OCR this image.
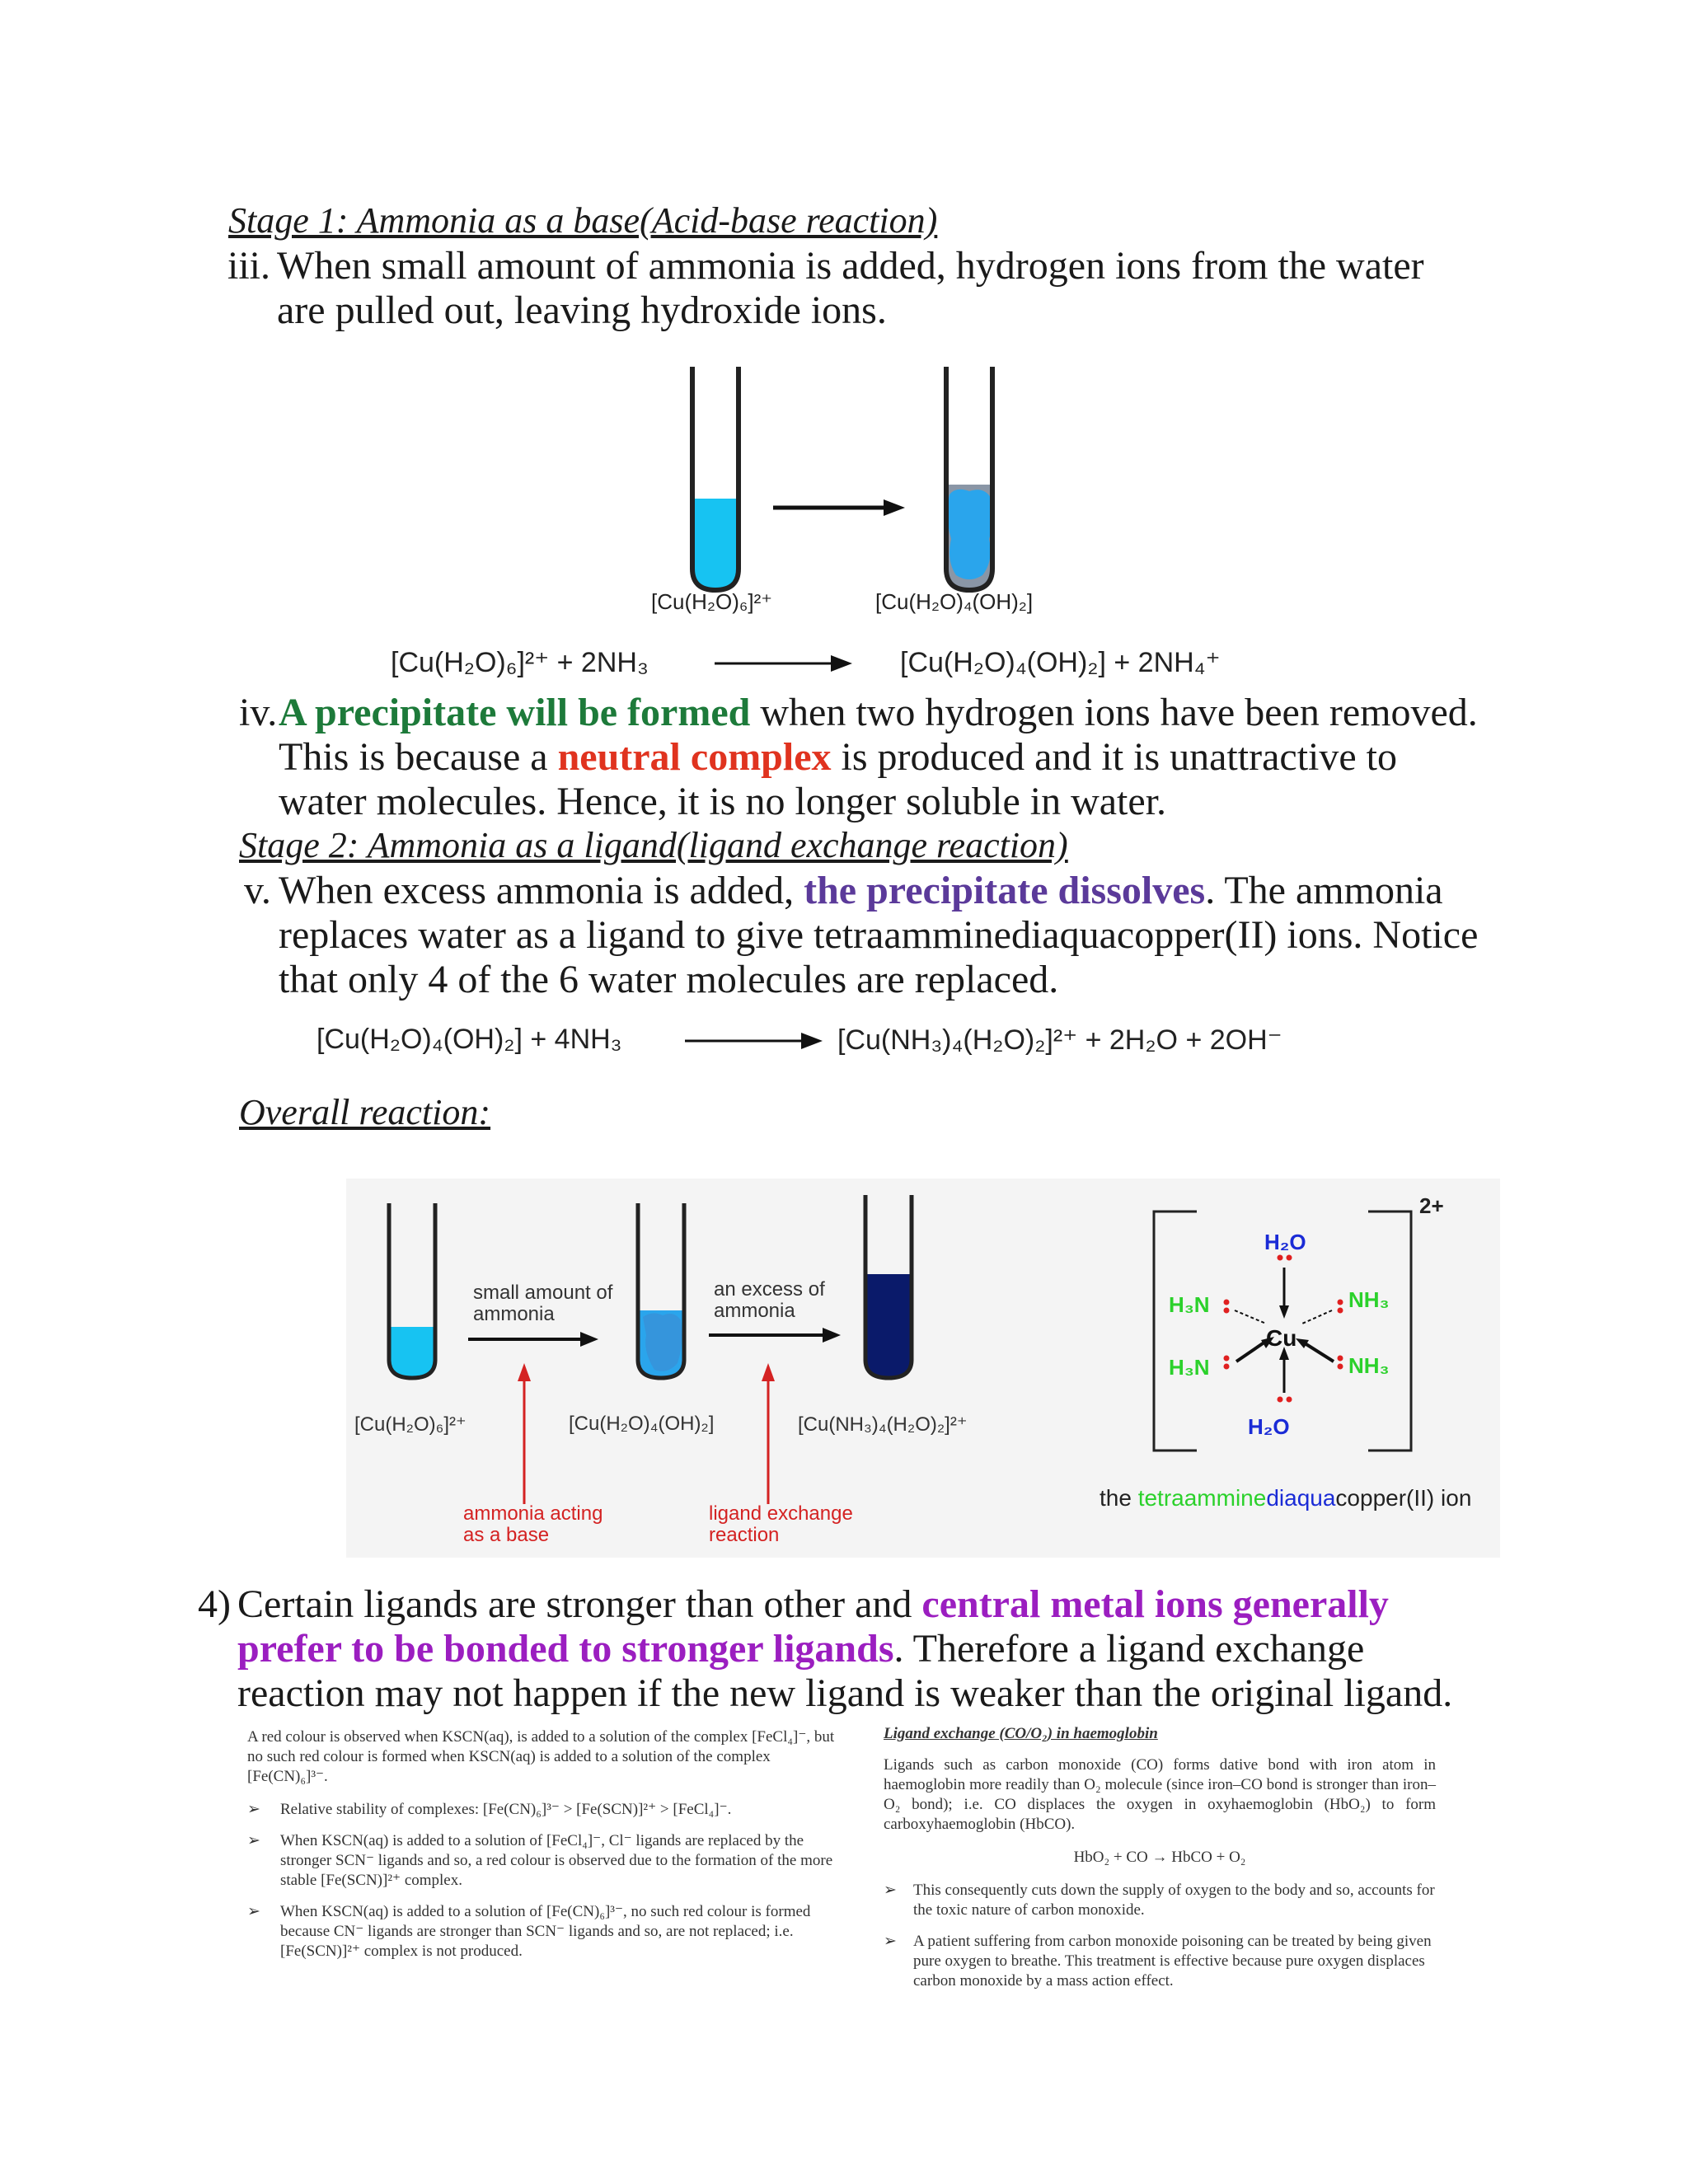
Stage 1: Ammonia as a base(Acid-base reaction)
iii. When small amount of ammonia is added, hydrogen ions from the water are pulled out, leaving hydroxide ions.
[Cu(H₂O)₆]²⁺	[Cu(H₂O)₄(OH)₂]
[Cu(H₂O)₆]²⁺ + 2NH₃	[Cu(H₂O)₄(OH)₂] + 2NH₄⁺
iv. A precipitate will be formed when two hydrogen ions have been removed. This is because a neutral complex is produced and it is unattractive to water molecules. Hence, it is no longer soluble in water.
Stage 2: Ammonia as a ligand(ligand exchange reaction)
v. When excess ammonia is added, the precipitate dissolves. The ammonia replaces water as a ligand to give tetraamminediaquacopper(II) ions. Notice that only 4 of the 6 water molecules are replaced.
[Cu(H₂O)₄(OH)₂] + 4NH₃	[Cu(NH₃)₄(H₂O)₂]²⁺ + 2H₂O + 2OH⁻
Overall reaction:
small amount of ammonia
an excess of ammonia
[Cu(H₂O)₆]²⁺	[Cu(H₂O)₄(OH)₂]	[Cu(NH₃)₄(H₂O)₂]²⁺
ammonia acting as a base
ligand exchange reaction
2+
Cu
H₂O
H₂O
H₃N
H₃N
NH₃
NH₃
the tetraamminediaquacopper(II) ion
4) Certain ligands are stronger than other and central metal ions generally prefer to be bonded to stronger ligands. Therefore a ligand exchange reaction may not happen if the new ligand is weaker than the original ligand.
A red colour is observed when KSCN(aq), is added to a solution of the complex [FeCl₄]⁻, but no such red colour is formed when KSCN(aq) is added to a solution of the complex [Fe(CN)₆]³⁻.
➢	Relative stability of complexes: [Fe(CN)₆]³⁻ > [Fe(SCN)]²⁺ > [FeCl₄]⁻.
➢	When KSCN(aq) is added to a solution of [FeCl₄]⁻, Cl⁻ ligands are replaced by the stronger SCN⁻ ligands and so, a red colour is observed due to the formation of the more stable [Fe(SCN)]²⁺ complex.
➢	When KSCN(aq) is added to a solution of [Fe(CN)₆]³⁻, no such red colour is formed because CN⁻ ligands are stronger than SCN⁻ ligands and so, are not replaced; i.e. [Fe(SCN)]²⁺ complex is not produced.
Ligand exchange (CO/O₂) in haemoglobin
Ligands such as carbon monoxide (CO) forms dative bond with iron atom in haemoglobin more readily than O₂ molecule (since iron–CO bond is stronger than iron–O₂ bond); i.e. CO displaces the oxygen in oxyhaemoglobin (HbO₂) to form carboxyhaemoglobin (HbCO).
HbO₂ + CO → HbCO + O₂
➢	This consequently cuts down the supply of oxygen to the body and so, accounts for the toxic nature of carbon monoxide.
➢	A patient suffering from carbon monoxide poisoning can be treated by being given pure oxygen to breathe. This treatment is effective because pure oxygen displaces carbon monoxide by a mass action effect.
